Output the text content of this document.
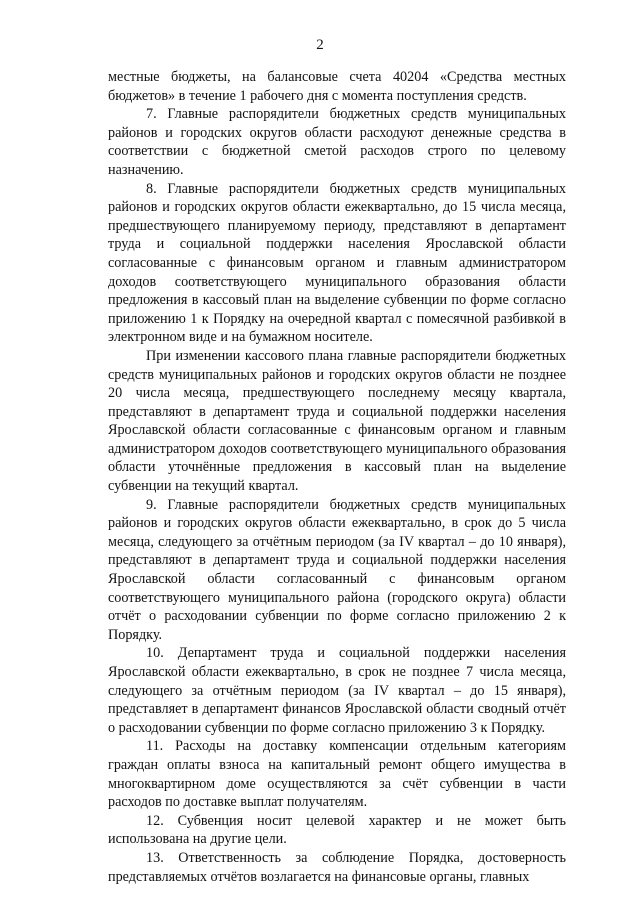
2

местные бюджеты, на балансовые счета 40204 «Средства местных бюджетов» в течение 1 рабочего дня с момента поступления средств.

7. Главные распорядители бюджетных средств муниципальных районов и городских округов области расходуют денежные средства в соответствии с бюджетной сметой расходов строго по целевому назначению.

8. Главные распорядители бюджетных средств муниципальных районов и городских округов области ежеквартально, до 15 числа месяца, предшествующего планируемому периоду, представляют в департамент труда и социальной поддержки населения Ярославской области согласованные с финансовым органом и главным администратором доходов соответствующего муниципального образования области предложения в кассовый план на выделение субвенции по форме согласно приложению 1 к Порядку на очередной квартал с помесячной разбивкой в электронном виде и на бумажном носителе.

При изменении кассового плана главные распорядители бюджетных средств муниципальных районов и городских округов области не позднее 20 числа месяца, предшествующего последнему месяцу квартала, представляют в департамент труда и социальной поддержки населения Ярославской области согласованные с финансовым органом и главным администратором доходов соответствующего муниципального образования области уточнённые предложения в кассовый план на выделение субвенции на текущий квартал.

9. Главные распорядители бюджетных средств муниципальных районов и городских округов области ежеквартально, в срок до 5 числа месяца, следующего за отчётным периодом (за IV квартал – до 10 января), представляют в департамент труда и социальной поддержки населения Ярославской области согласованный с финансовым органом соответствующего муниципального района (городского округа) области отчёт о расходовании субвенции по форме согласно приложению 2 к Порядку.

10. Департамент труда и социальной поддержки населения Ярославской области ежеквартально, в срок не позднее 7 числа месяца, следующего за отчётным периодом (за IV квартал – до 15 января), представляет в департамент финансов Ярославской области сводный отчёт о расходовании субвенции по форме согласно приложению 3 к Порядку.

11. Расходы на доставку компенсации отдельным категориям граждан оплаты взноса на капитальный ремонт общего имущества в многоквартирном доме осуществляются за счёт субвенции в части расходов по доставке выплат получателям.

12. Субвенция носит целевой характер и не может быть использована на другие цели.

13. Ответственность за соблюдение Порядка, достоверность представляемых отчётов возлагается на финансовые органы, главных
